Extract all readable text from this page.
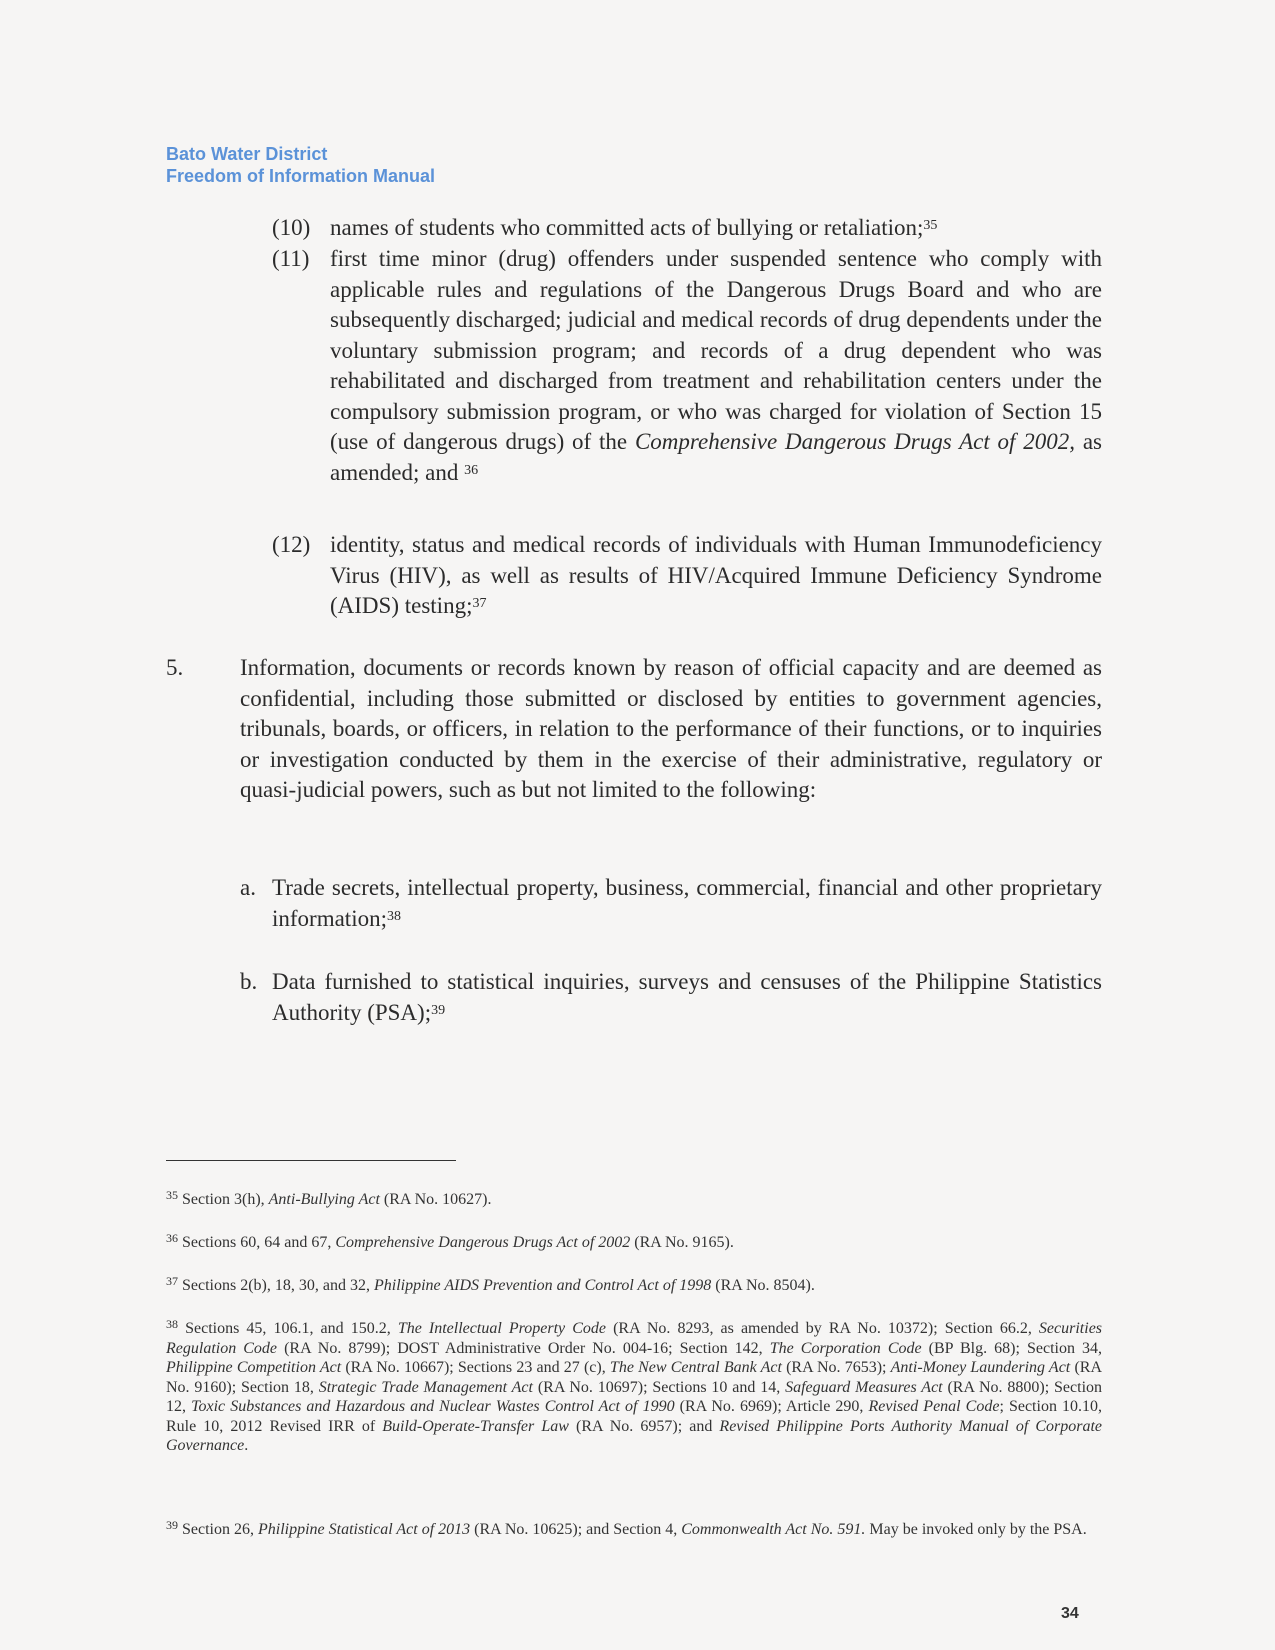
Bato Water District
Freedom of Information Manual
(10) names of students who committed acts of bullying or retaliation;$^{35}$
(11) first time minor (drug) offenders under suspended sentence who comply with applicable rules and regulations of the Dangerous Drugs Board and who are subsequently discharged; judicial and medical records of drug dependents under the voluntary submission program; and records of a drug dependent who was rehabilitated and discharged from treatment and rehabilitation centers under the compulsory submission program, or who was charged for violation of Section 15 (use of dangerous drugs) of the Comprehensive Dangerous Drugs Act of 2002, as amended; and $^{36}$
(12) identity, status and medical records of individuals with Human Immunodeficiency Virus (HIV), as well as results of HIV/Acquired Immune Deficiency Syndrome (AIDS) testing;$^{37}$
5.	Information, documents or records known by reason of official capacity and are deemed as confidential, including those submitted or disclosed by entities to government agencies, tribunals, boards, or officers, in relation to the performance of their functions, or to inquiries or investigation conducted by them in the exercise of their administrative, regulatory or quasi-judicial powers, such as but not limited to the following:
a. Trade secrets, intellectual property, business, commercial, financial and other proprietary information;$^{38}$
b. Data furnished to statistical inquiries, surveys and censuses of the Philippine Statistics Authority (PSA);$^{39}$
$^{35}$ Section 3(h), Anti-Bullying Act (RA No. 10627).
$^{36}$ Sections 60, 64 and 67, Comprehensive Dangerous Drugs Act of 2002 (RA No. 9165).
$^{37}$ Sections 2(b), 18, 30, and 32, Philippine AIDS Prevention and Control Act of 1998 (RA No. 8504).
$^{38}$ Sections 45, 106.1, and 150.2, The Intellectual Property Code (RA No. 8293, as amended by RA No. 10372); Section 66.2, Securities Regulation Code (RA No. 8799); DOST Administrative Order No. 004-16; Section 142, The Corporation Code (BP Blg. 68); Section 34, Philippine Competition Act (RA No. 10667); Sections 23 and 27 (c), The New Central Bank Act (RA No. 7653); Anti-Money Laundering Act (RA No. 9160); Section 18, Strategic Trade Management Act (RA No. 10697); Sections 10 and 14, Safeguard Measures Act (RA No. 8800); Section 12, Toxic Substances and Hazardous and Nuclear Wastes Control Act of 1990 (RA No. 6969); Article 290, Revised Penal Code; Section 10.10, Rule 10, 2012 Revised IRR of Build-Operate-Transfer Law (RA No. 6957); and Revised Philippine Ports Authority Manual of Corporate Governance.
$^{39}$ Section 26, Philippine Statistical Act of 2013 (RA No. 10625); and Section 4, Commonwealth Act No. 591. May be invoked only by the PSA.
34
